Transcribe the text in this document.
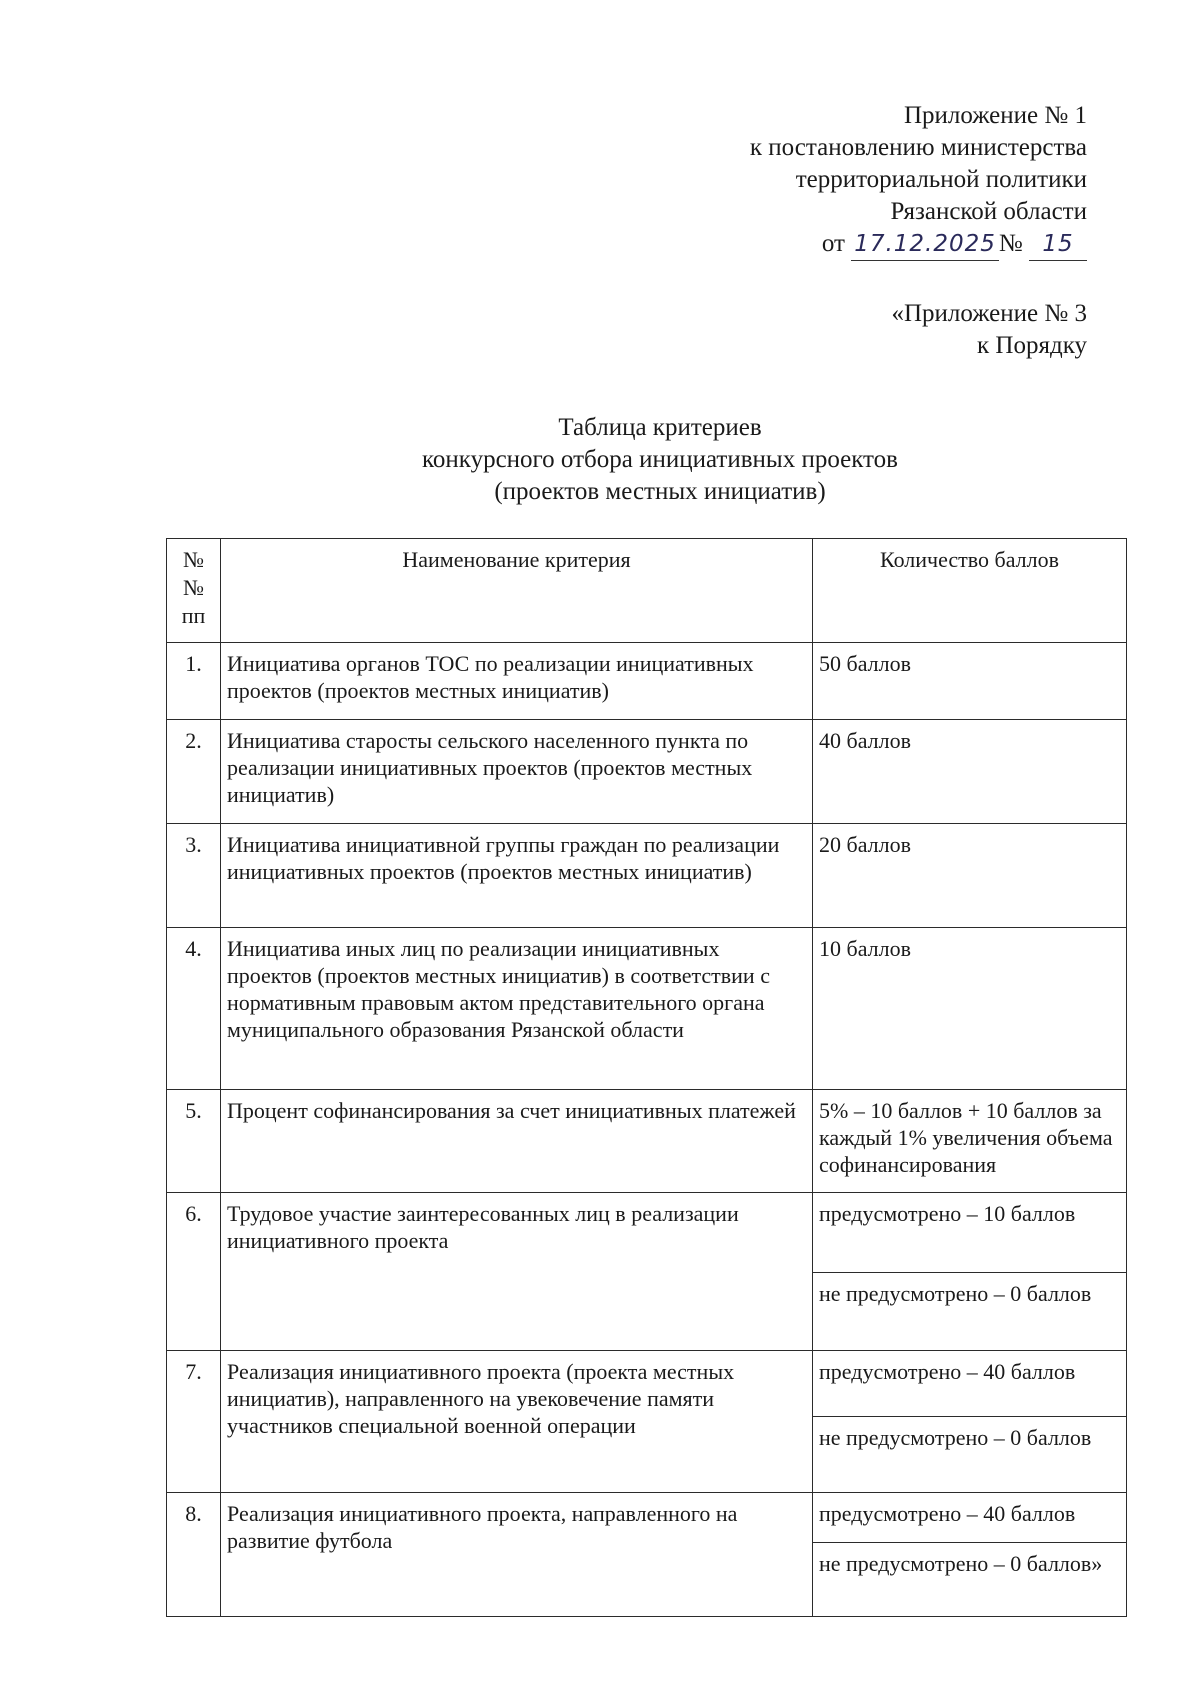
Приложение № 1
к постановлению министерства
территориальной политики
Рязанской области
от 17.12.2025 № 15
«Приложение № 3
к Порядку
Таблица критериев
конкурсного отбора инициативных проектов
(проектов местных инициатив)
№
№
пп	Наименование критерия	Количество баллов
1.	Инициатива органов ТОС по реализации инициативных проектов (проектов местных инициатив)	50 баллов
2.	Инициатива старосты сельского населенного пункта по реализации инициативных проектов (проектов местных инициатив)	40 баллов
3.	Инициатива инициативной группы граждан по реализации инициативных проектов (проектов местных инициатив)	20 баллов
4.	Инициатива иных лиц по реализации инициативных проектов (проектов местных инициатив) в соответствии с нормативным правовым актом представительного органа муниципального образования Рязанской области	10 баллов
5.	Процент софинансирования за счет инициативных платежей	5% – 10 баллов + 10 баллов за каждый 1% увеличения объема софинансирования
6.	Трудовое участие заинтересованных лиц в реализации инициативного проекта	предусмотрено – 10 баллов
		не предусмотрено – 0 баллов
7.	Реализация инициативного проекта (проекта местных инициатив), направленного на увековечение памяти участников специальной военной операции	предусмотрено – 40 баллов
		не предусмотрено – 0 баллов
8.	Реализация инициативного проекта, направленного на развитие футбола	предусмотрено – 40 баллов
		не предусмотрено – 0 баллов»
